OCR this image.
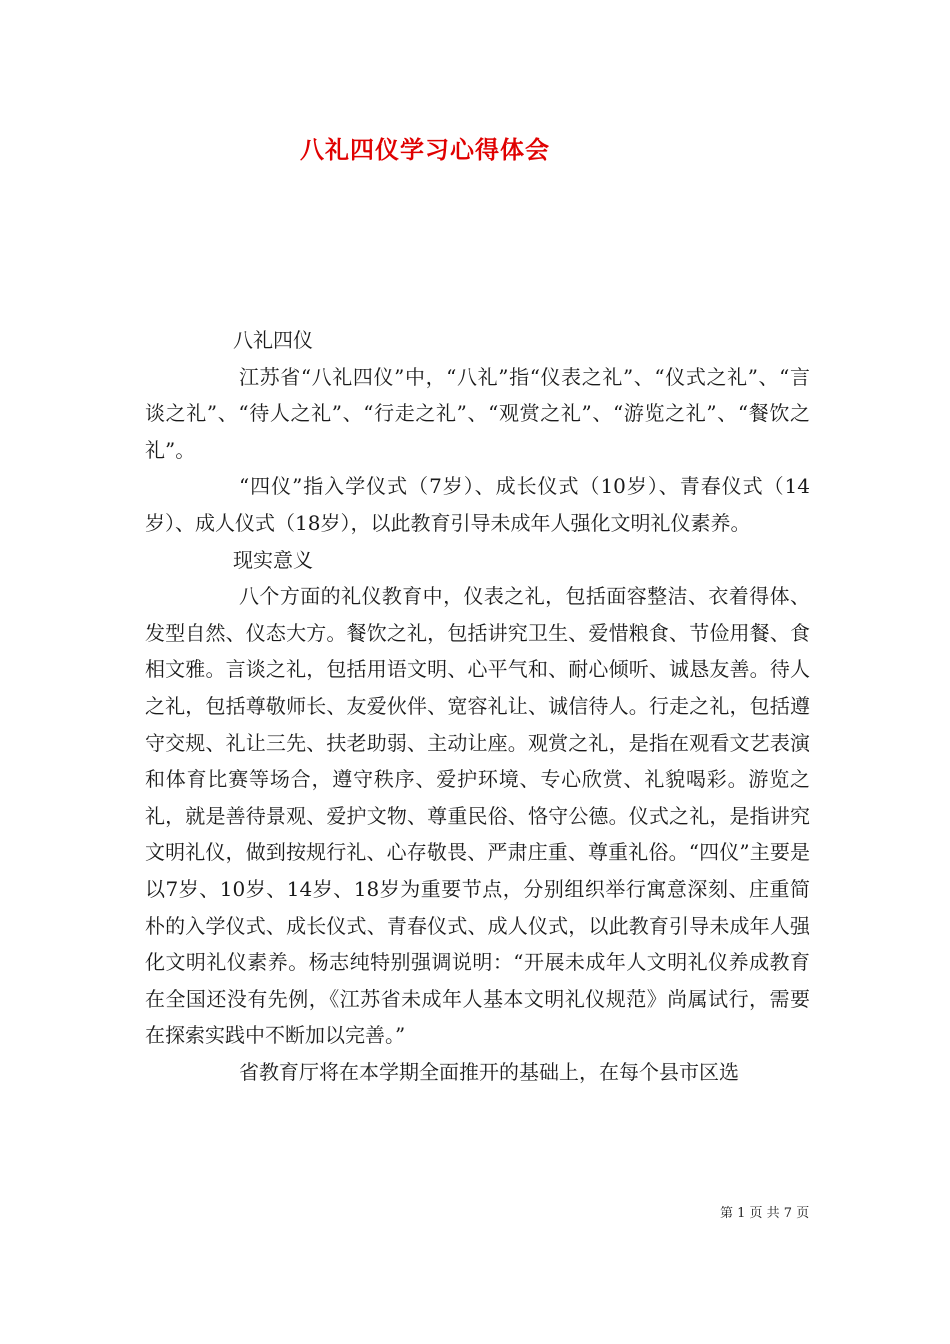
八礼四仪学习心得体会

八礼四仪

江苏省“八礼四仪”中，“八礼”指“仪表之礼”、“仪式之礼”、“言谈之礼”、“待人之礼”、“行走之礼”、“观赏之礼”、“游览之礼”、“餐饮之礼”。

“四仪”指入学仪式（7岁）、成长仪式（10岁）、青春仪式（14岁）、成人仪式（18岁），以此教育引导未成年人强化文明礼仪素养。

现实意义

八个方面的礼仪教育中，仪表之礼，包括面容整洁、衣着得体、发型自然、仪态大方。餐饮之礼，包括讲究卫生、爱惜粮食、节俭用餐、食相文雅。言谈之礼，包括用语文明、心平气和、耐心倾听、诚恳友善。待人之礼，包括尊敬师长、友爱伙伴、宽容礼让、诚信待人。行走之礼，包括遵守交规、礼让三先、扶老助弱、主动让座。观赏之礼，是指在观看文艺表演和体育比赛等场合，遵守秩序、爱护环境、专心欣赏、礼貌喝彩。游览之礼，就是善待景观、爱护文物、尊重民俗、恪守公德。仪式之礼，是指讲究文明礼仪，做到按规行礼、心存敬畏、严肃庄重、尊重礼俗。“四仪”主要是以7岁、10岁、14岁、18岁为重要节点，分别组织举行寓意深刻、庄重简朴的入学仪式、成长仪式、青春仪式、成人仪式，以此教育引导未成年人强化文明礼仪素养。杨志纯特别强调说明：“开展未成年人文明礼仪养成教育在全国还没有先例，《江苏省未成年人基本文明礼仪规范》尚属试行，需要在探索实践中不断加以完善。”

省教育厅将在本学期全面推开的基础上，在每个县市区选

第 1 页 共 7 页
